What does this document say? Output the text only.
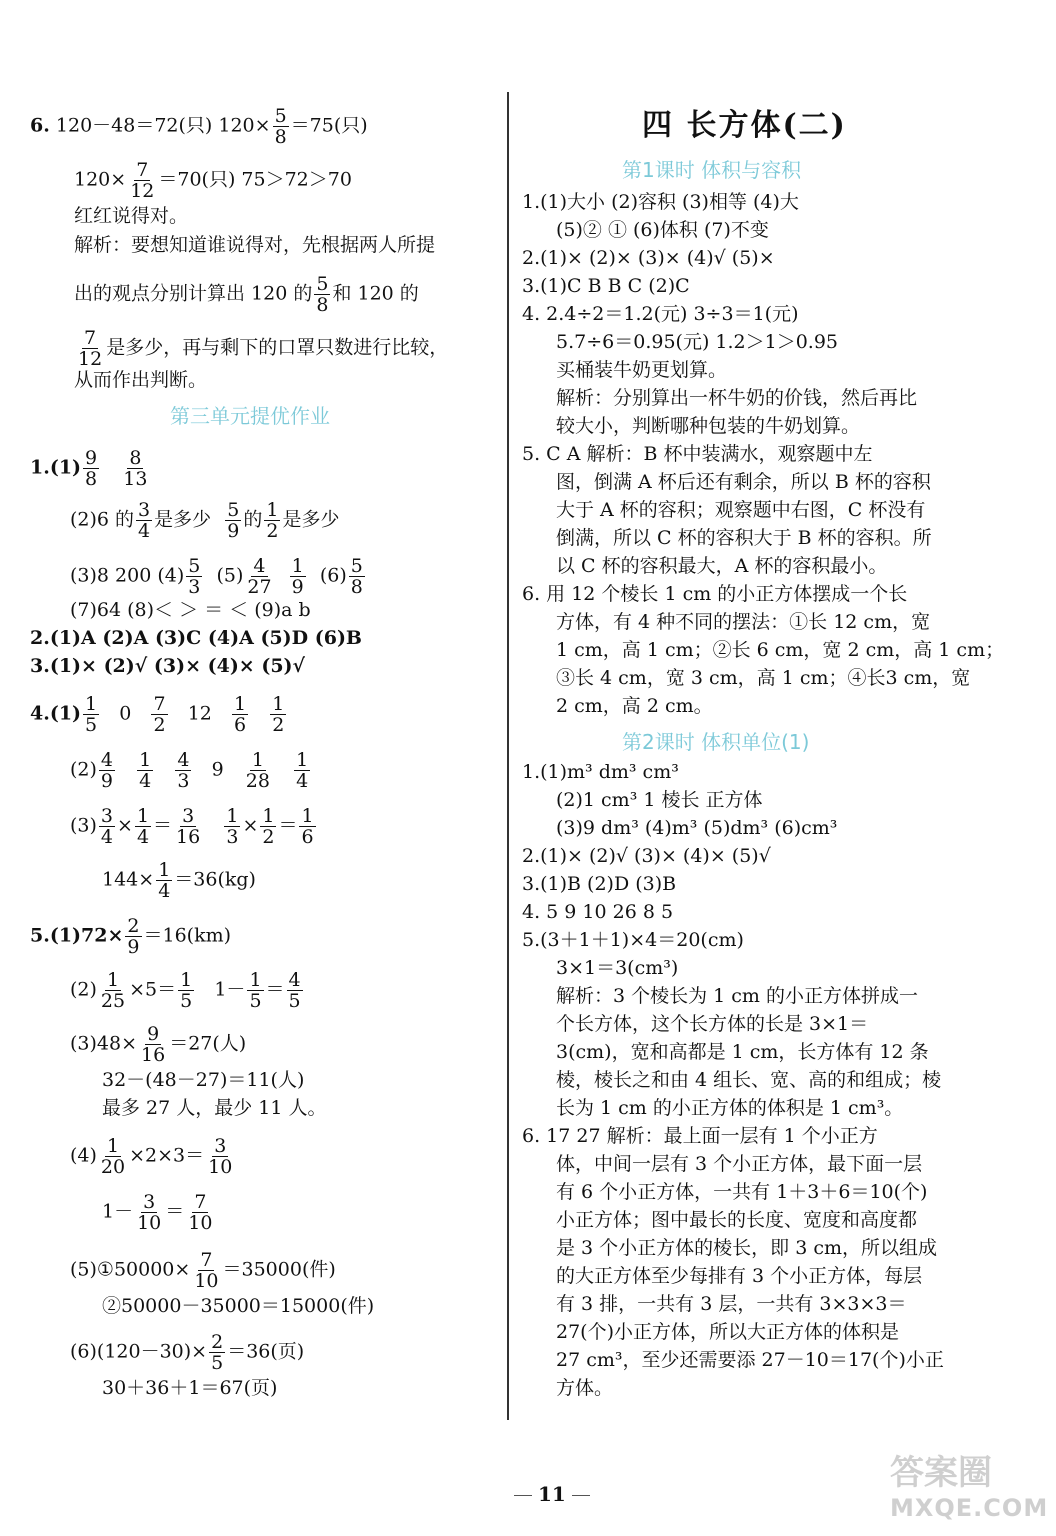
6. 120－48＝72(只) $120\times \frac{5}{8} =75$(只)
$120\times \frac{7}{12} =70$(只) 75＞72＞70
红红说得对。
解析：要想知道谁说得对，先根据两人所提
出的观点分别计算出 120 的 $\frac{5}{8}$ 和 120 的
$\frac{7}{12}$ 是多少，再与剩下的口罩只数进行比较，
从而作出判断。
第三单元提优作业
$1.(1) \frac{9}{8}$
$\frac{8}{13}$
(2)6 的 $\frac{3}{4}$ 是多少 $\frac{5}{9}$ 的 $\frac{1}{2}$ 是多少
(3)8 200 $(4) \frac{5}{3} (5) \frac{4}{27}$
$\frac{1}{9} (6) \frac{5}{8}$
(7)64 (8)＜ ＞ ＝ ＜ (9)a b
2.(1)A (2)A (3)C (4)A (5)D (6)B
3.(1)× (2)√ (3)× (4)× (5)√
$4.(1) \frac{1}{5} 0 \frac{7}{2} 12 \frac{1}{6}$
$\frac{1}{2}$
$(2) \frac{4}{9}$
$\frac{1}{4}$
$\frac{4}{3} 9 \frac{1}{28}$
$\frac{1}{4}$
$(3) \frac{3}{4} \times \frac{1}{4} = \frac{3}{16}$
$\frac{1}{3} \times \frac{1}{2} = \frac{1}{6}$
$144\times \frac{1}{4} =36(kg)$
$5.(1)72\times \frac{2}{9} =16(km)$
$(2) \frac{1}{25} \times 5= \frac{1}{5} 1- \frac{1}{5} = \frac{4}{5}$
$(3)48\times \frac{9}{16} =27$(人)
32－(48－27)＝11(人)
最多 27 人，最少 11 人。
$(4) \frac{1}{20} \times 2\times 3= \frac{3}{10}$
$1- \frac{3}{10} = \frac{7}{10}$
(5)①50000× $\frac{7}{10} =35000$(件)
②50000－35000＝15000(件)
$(6)(120-30)\times \frac{2}{5} =36$(页)
30＋36＋1＝67(页)
四 长方体(二)
第1课时 体积与容积
1.(1)大小 (2)容积 (3)相等 (4)大
(5)② ① (6)体积 (7)不变
2.(1)× (2)× (3)× (4)√ (5)×
3.(1)C B B C (2)C
4. 2.4÷2＝1.2(元) 3÷3＝1(元)
5.7÷6＝0.95(元) 1.2＞1＞0.95
买桶装牛奶更划算。
解析：分别算出一杯牛奶的价钱，然后再比
较大小，判断哪种包装的牛奶划算。
5. C A 解析：B 杯中装满水，观察题中左
图，倒满 A 杯后还有剩余，所以 B 杯的容积
大于 A 杯的容积；观察题中右图，C 杯没有
倒满，所以 C 杯的容积大于 B 杯的容积。所
以 C 杯的容积最大，A 杯的容积最小。
6. 用 12 个棱长 1 cm 的小正方体摆成一个长
方体，有 4 种不同的摆法：①长 12 cm，宽
1 cm，高 1 cm；②长 6 cm，宽 2 cm，高 1 cm；
③长 4 cm，宽 3 cm，高 1 cm；④长3 cm，宽
2 cm，高 2 cm。
第2课时 体积单位(1)
1.(1)m³ dm³ cm³
(2)1 cm³ 1 棱长 正方体
(3)9 dm³ (4)m³ (5)dm³ (6)cm³
2.(1)× (2)√ (3)× (4)× (5)√
3.(1)B (2)D (3)B
4. 5 9 10 26 8 5
5.(3＋1＋1)×4＝20(cm)
3×1＝3(cm³)
解析：3 个棱长为 1 cm 的小正方体拼成一
个长方体，这个长方体的长是 3×1＝
3(cm)，宽和高都是 1 cm，长方体有 12 条
棱，棱长之和由 4 组长、宽、高的和组成；棱
长为 1 cm 的小正方体的体积是 1 cm³。
6. 17 27 解析：最上面一层有 1 个小正方
体，中间一层有 3 个小正方体，最下面一层
有 6 个小正方体，一共有 1＋3＋6＝10(个)
小正方体；图中最长的长度、宽度和高度都
是 3 个小正方体的棱长，即 3 cm，所以组成
的大正方体至少每排有 3 个小正方体，每层
有 3 排，一共有 3 层，一共有 3×3×3＝
27(个)小正方体，所以大正方体的体积是
27 cm³，至少还需要添 27－10＝17(个)小正
方体。
11
答案圈
MXQE.COM
